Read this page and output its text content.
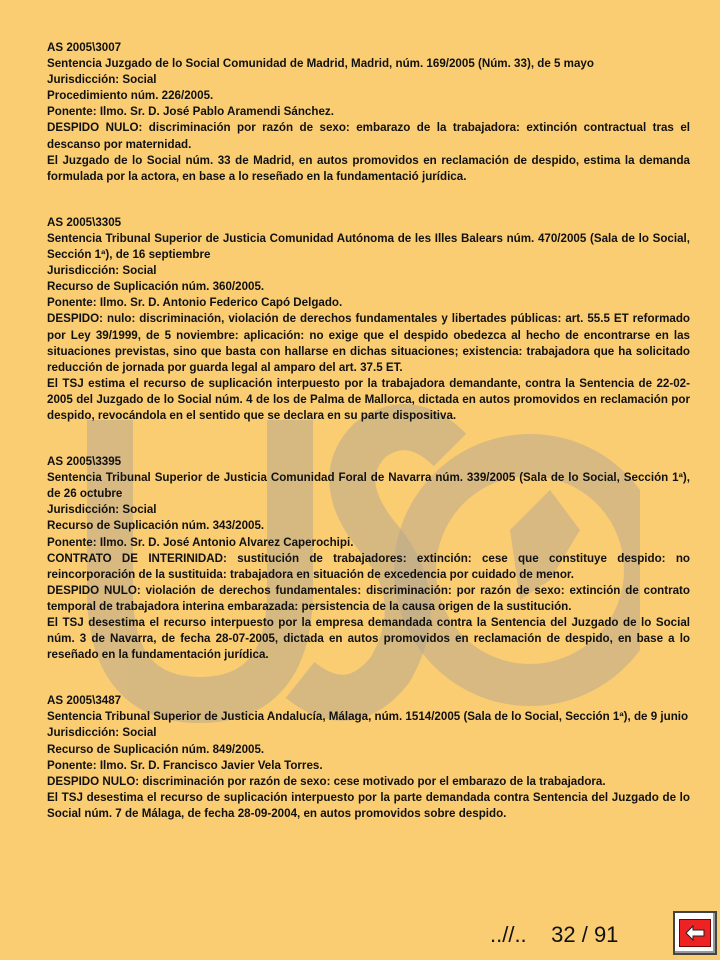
AS 2005\3007

Sentencia Juzgado de lo Social Comunidad de Madrid, Madrid, núm. 169/2005 (Núm. 33), de 5 mayo

Jurisdicción: Social

Procedimiento núm. 226/2005.

Ponente: Ilmo. Sr. D. José Pablo Aramendi Sánchez.

DESPIDO NULO: discriminación por razón de sexo: embarazo de la trabajadora: extinción contractual tras el descanso por maternidad.

El Juzgado de lo Social núm. 33 de Madrid, en autos promovidos en reclamación de despido, estima la demanda formulada por la actora, en base a lo reseñado en la fundamentació jurídica.

AS 2005\3305

Sentencia Tribunal Superior de Justicia Comunidad Autónoma de les Illes Balears núm. 470/2005 (Sala de lo Social, Sección 1ª), de 16 septiembre

Jurisdicción: Social

Recurso de Suplicación núm. 360/2005.

Ponente: Ilmo. Sr. D. Antonio Federico Capó Delgado.

DESPIDO: nulo: discriminación, violación de derechos fundamentales y libertades públicas: art. 55.5 ET reformado por Ley 39/1999, de 5 noviembre: aplicación: no exige que el despido obedezca al hecho de encontrarse en las situaciones previstas, sino que basta con hallarse en dichas situaciones; existencia: trabajadora que ha solicitado reducción de jornada por guarda legal al amparo del art. 37.5 ET.

El TSJ estima el recurso de suplicación interpuesto por la trabajadora demandante, contra la Sentencia de 22-02-2005 del Juzgado de lo Social núm. 4 de los de Palma de Mallorca, dictada en autos promovidos en reclamación por despido, revocándola en el sentido que se declara en su parte dispositiva.

AS 2005\3395

Sentencia Tribunal Superior de Justicia Comunidad Foral de Navarra núm. 339/2005 (Sala de lo Social, Sección 1ª), de 26 octubre

Jurisdicción: Social

Recurso de Suplicación núm. 343/2005.

Ponente: Ilmo. Sr. D. José Antonio Alvarez Caperochipi.

CONTRATO DE INTERINIDAD: sustitución de trabajadores: extinción: cese que constituye despido: no reincorporación de la sustituida: trabajadora en situación de excedencia por cuidado de menor.

DESPIDO NULO: violación de derechos fundamentales: discriminación: por razón de sexo: extinción de contrato temporal de trabajadora interina embarazada: persistencia de la causa origen de la sustitución.

El TSJ desestima el recurso interpuesto por la empresa demandada contra la Sentencia del Juzgado de lo Social núm. 3 de Navarra, de fecha 28-07-2005, dictada en autos promovidos en reclamación de despido, en base a lo reseñado en la fundamentación jurídica.

AS 2005\3487

Sentencia Tribunal Superior de Justicia Andalucía, Málaga, núm. 1514/2005 (Sala de lo Social, Sección 1ª), de 9 junio

Jurisdicción: Social

Recurso de Suplicación núm. 849/2005.

Ponente: Ilmo. Sr. D. Francisco Javier Vela Torres.

DESPIDO NULO: discriminación por razón de sexo: cese motivado por el embarazo de la trabajadora.

El TSJ desestima el recurso de suplicación interpuesto por la parte demandada contra Sentencia del Juzgado de lo Social núm. 7 de Málaga, de fecha 28-09-2004, en autos promovidos sobre despido.

..//.. 32 / 91
